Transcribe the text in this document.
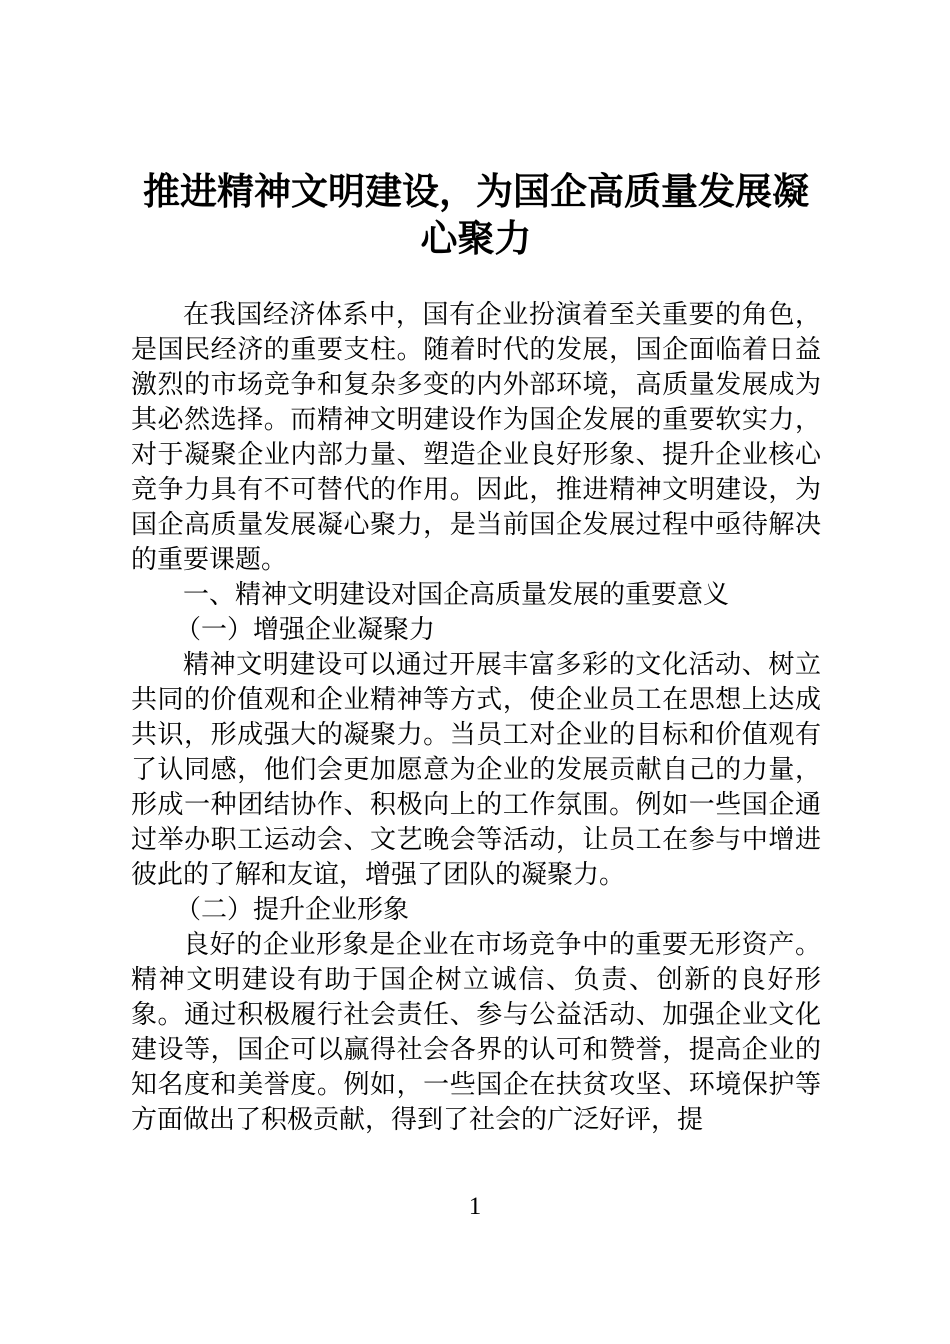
推进精神文明建设，为国企高质量发展凝心聚力

在我国经济体系中，国有企业扮演着至关重要的角色，是国民经济的重要支柱。随着时代的发展，国企面临着日益激烈的市场竞争和复杂多变的内外部环境，高质量发展成为其必然选择。而精神文明建设作为国企发展的重要软实力，对于凝聚企业内部力量、塑造企业良好形象、提升企业核心竞争力具有不可替代的作用。因此，推进精神文明建设，为国企高质量发展凝心聚力，是当前国企发展过程中亟待解决的重要课题。

一、精神文明建设对国企高质量发展的重要意义

（一）增强企业凝聚力

精神文明建设可以通过开展丰富多彩的文化活动、树立共同的价值观和企业精神等方式，使企业员工在思想上达成共识，形成强大的凝聚力。当员工对企业的目标和价值观有了认同感，他们会更加愿意为企业的发展贡献自己的力量，形成一种团结协作、积极向上的工作氛围。例如一些国企通过举办职工运动会、文艺晚会等活动，让员工在参与中增进彼此的了解和友谊，增强了团队的凝聚力。

（二）提升企业形象

良好的企业形象是企业在市场竞争中的重要无形资产。精神文明建设有助于国企树立诚信、负责、创新的良好形象。通过积极履行社会责任、参与公益活动、加强企业文化建设等，国企可以赢得社会各界的认可和赞誉，提高企业的知名度和美誉度。例如，一些国企在扶贫攻坚、环境保护等方面做出了积极贡献，得到了社会的广泛好评，提

1
